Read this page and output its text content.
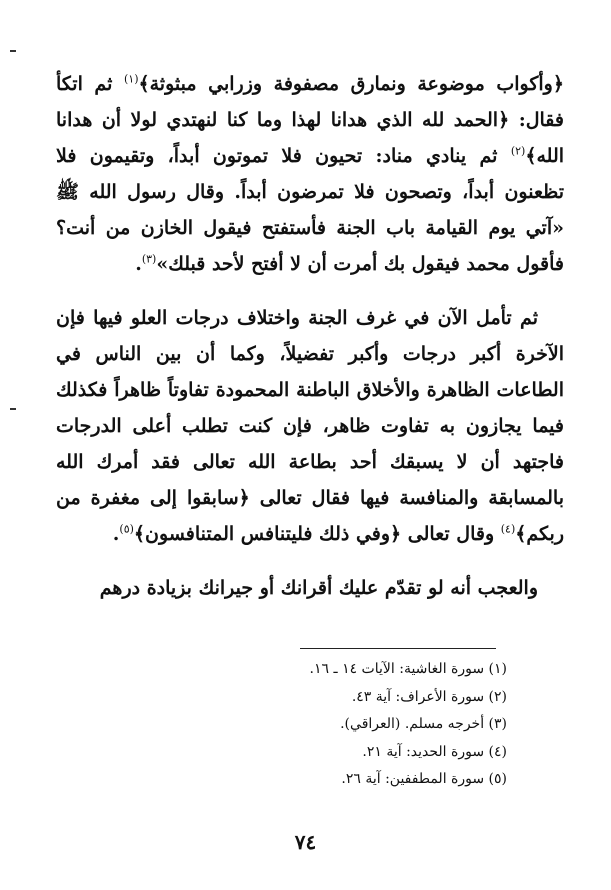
﴿وأكواب موضوعة ونمارق مصفوفة وزرابي مبثوثة﴾$^{(١)}$ ثم اتكأ فقال: ﴿الحمد لله الذي هدانا لهذا وما كنا لنهتدي لولا أن هدانا الله﴾$^{(٢)}$ ثم ينادي مناد: تحيون فلا تموتون أبداً، وتقيمون فلا تظعنون أبداً، وتصحون فلا تمرضون أبداً. وقال رسول الله ﷺ «آتي يوم القيامة باب الجنة فأستفتح فيقول الخازن من أنت؟ فأقول محمد فيقول بك أمرت أن لا أفتح لأحد قبلك»$^{(٣)}$.

ثم تأمل الآن في غرف الجنة واختلاف درجات العلو فيها فإن الآخرة أكبر درجات وأكبر تفضيلاً، وكما أن بين الناس في الطاعات الظاهرة والأخلاق الباطنة المحمودة تفاوتاً ظاهراً فكذلك فيما يجازون به تفاوت ظاهر، فإن كنت تطلب أعلى الدرجات فاجتهد أن لا يسبقك أحد بطاعة الله تعالى فقد أمرك الله بالمسابقة والمنافسة فيها فقال تعالى ﴿سابقوا إلى مغفرة من ربكم﴾$^{(٤)}$ وقال تعالى ﴿وفي ذلك فليتنافس المتنافسون﴾$^{(٥)}$.

والعجب أنه لو تقدّم عليك أقرانك أو جيرانك بزيادة درهم

(١) سورة الغاشية: الآيات ١٤ ـ ١٦.
(٢) سورة الأعراف: آية ٤٣.
(٣) أخرجه مسلم. (العراقي).
(٤) سورة الحديد: آية ٢١.
(٥) سورة المطففين: آية ٢٦.
٧٤
